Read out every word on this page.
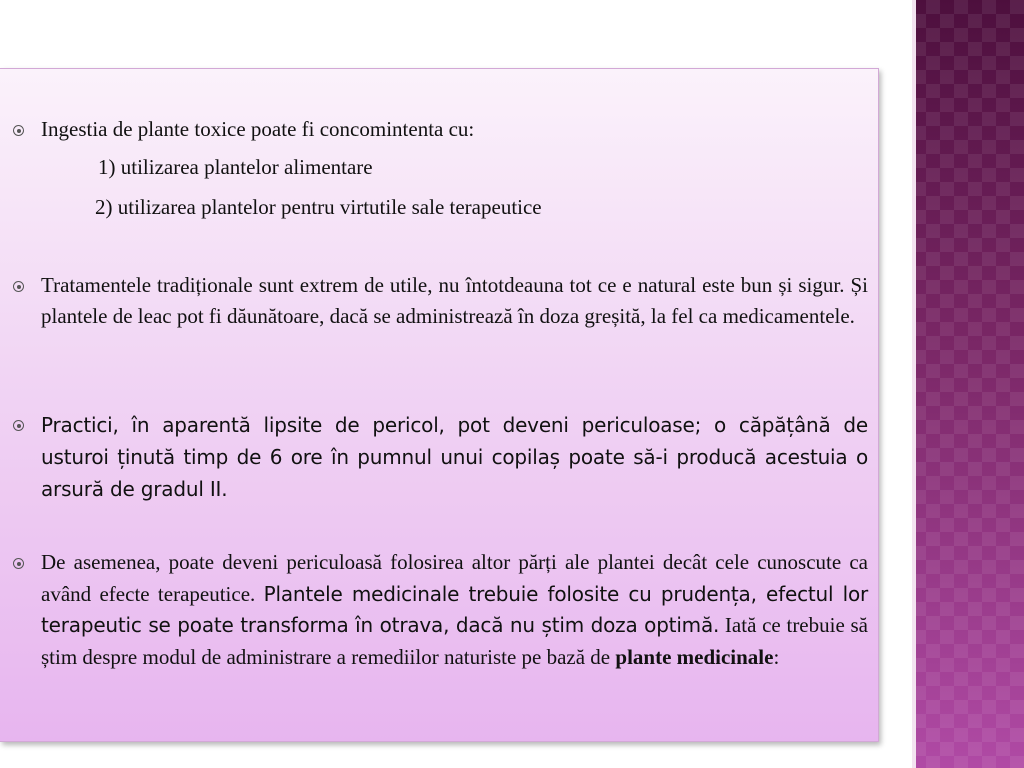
Ingestia de plante toxice poate fi concomintenta cu:
1) utilizarea plantelor alimentare
2) utilizarea plantelor pentru virtutile sale terapeutice
Tratamentele tradiționale sunt extrem de utile, nu întotdeauna tot ce e natural este bun și sigur. Și plantele de leac pot fi dăunătoare, dacă se administrează în doza greșită, la fel ca medicamentele.
Practici, în aparentă lipsite de pericol, pot deveni periculoase; o căpățână de usturoi ținută timp de 6 ore în pumnul unui copilaș poate să-i producă acestuia o arsură de gradul II.
De asemenea, poate deveni periculoasă folosirea altor părți ale plantei decât cele cunoscute ca având efecte terapeutice. Plantele medicinale trebuie folosite cu prudența, efectul lor terapeutic se poate transforma în otrava, dacă nu știm doza optimă. Iată ce trebuie să știm despre modul de administrare a remediilor naturiste pe bază de plante medicinale:
